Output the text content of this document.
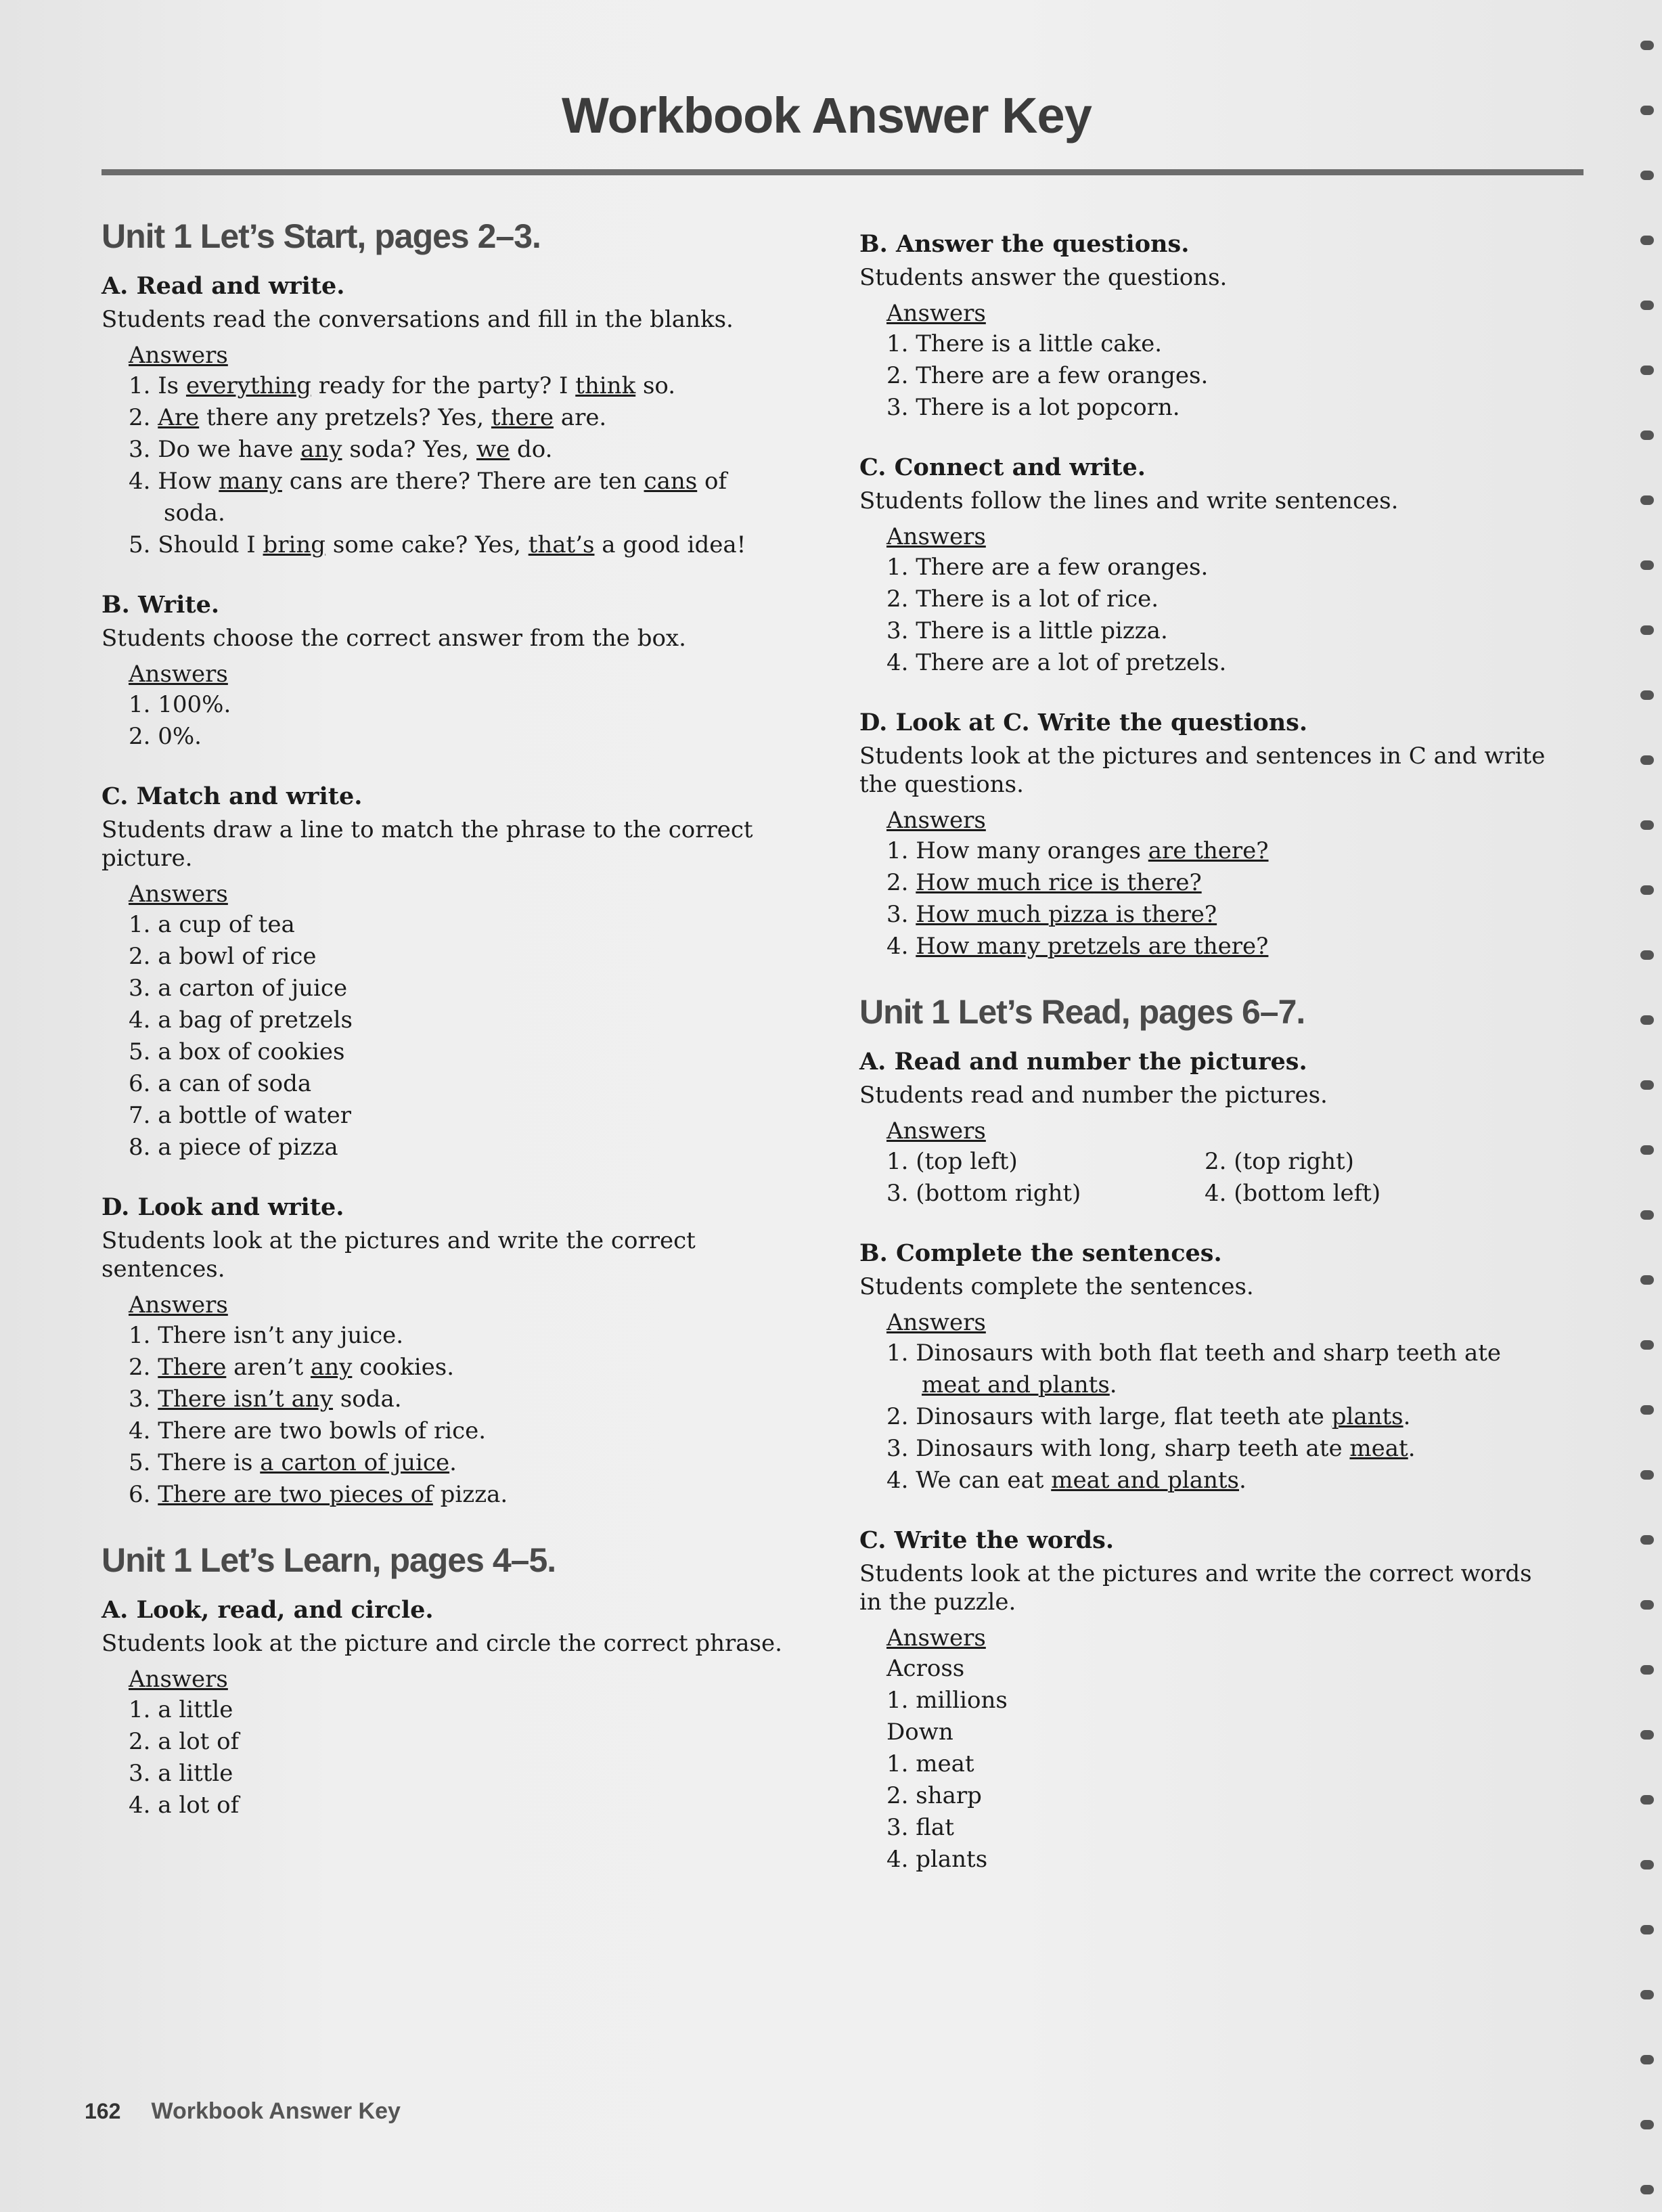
Workbook Answer Key
Unit 1 Let’s Start, pages 2–3.
A. Read and write.
Students read the conversations and fill in the blanks.
Answers
1. Is everything ready for the party? I think so.
2. Are there any pretzels? Yes, there are.
3. Do we have any soda? Yes, we do.
4. How many cans are there? There are ten cans of soda.
5. Should I bring some cake? Yes, that’s a good idea!
B. Write.
Students choose the correct answer from the box.
Answers
1. 100%.
2. 0%.
C. Match and write.
Students draw a line to match the phrase to the correct picture.
Answers
1. a cup of tea
2. a bowl of rice
3. a carton of juice
4. a bag of pretzels
5. a box of cookies
6. a can of soda
7. a bottle of water
8. a piece of pizza
D. Look and write.
Students look at the pictures and write the correct sentences.
Answers
1. There isn’t any juice.
2. There aren’t any cookies.
3. There isn’t any soda.
4. There are two bowls of rice.
5. There is a carton of juice.
6. There are two pieces of pizza.
Unit 1 Let’s Learn, pages 4–5.
A. Look, read, and circle.
Students look at the picture and circle the correct phrase.
Answers
1. a little
2. a lot of
3. a little
4. a lot of
B. Answer the questions.
Students answer the questions.
Answers
1. There is a little cake.
2. There are a few oranges.
3. There is a lot popcorn.
C. Connect and write.
Students follow the lines and write sentences.
Answers
1. There are a few oranges.
2. There is a lot of rice.
3. There is a little pizza.
4. There are a lot of pretzels.
D. Look at C. Write the questions.
Students look at the pictures and sentences in C and write the questions.
Answers
1. How many oranges are there?
2. How much rice is there?
3. How much pizza is there?
4. How many pretzels are there?
Unit 1 Let’s Read, pages 6–7.
A. Read and number the pictures.
Students read and number the pictures.
Answers
1. (top left)	2. (top right)
3. (bottom right)	4. (bottom left)
B. Complete the sentences.
Students complete the sentences.
Answers
1. Dinosaurs with both flat teeth and sharp teeth ate meat and plants.
2. Dinosaurs with large, flat teeth ate plants.
3. Dinosaurs with long, sharp teeth ate meat.
4. We can eat meat and plants.
C. Write the words.
Students look at the pictures and write the correct words in the puzzle.
Answers
Across
1. millions
Down
1. meat
2. sharp
3. flat
4. plants
162 Workbook Answer Key
